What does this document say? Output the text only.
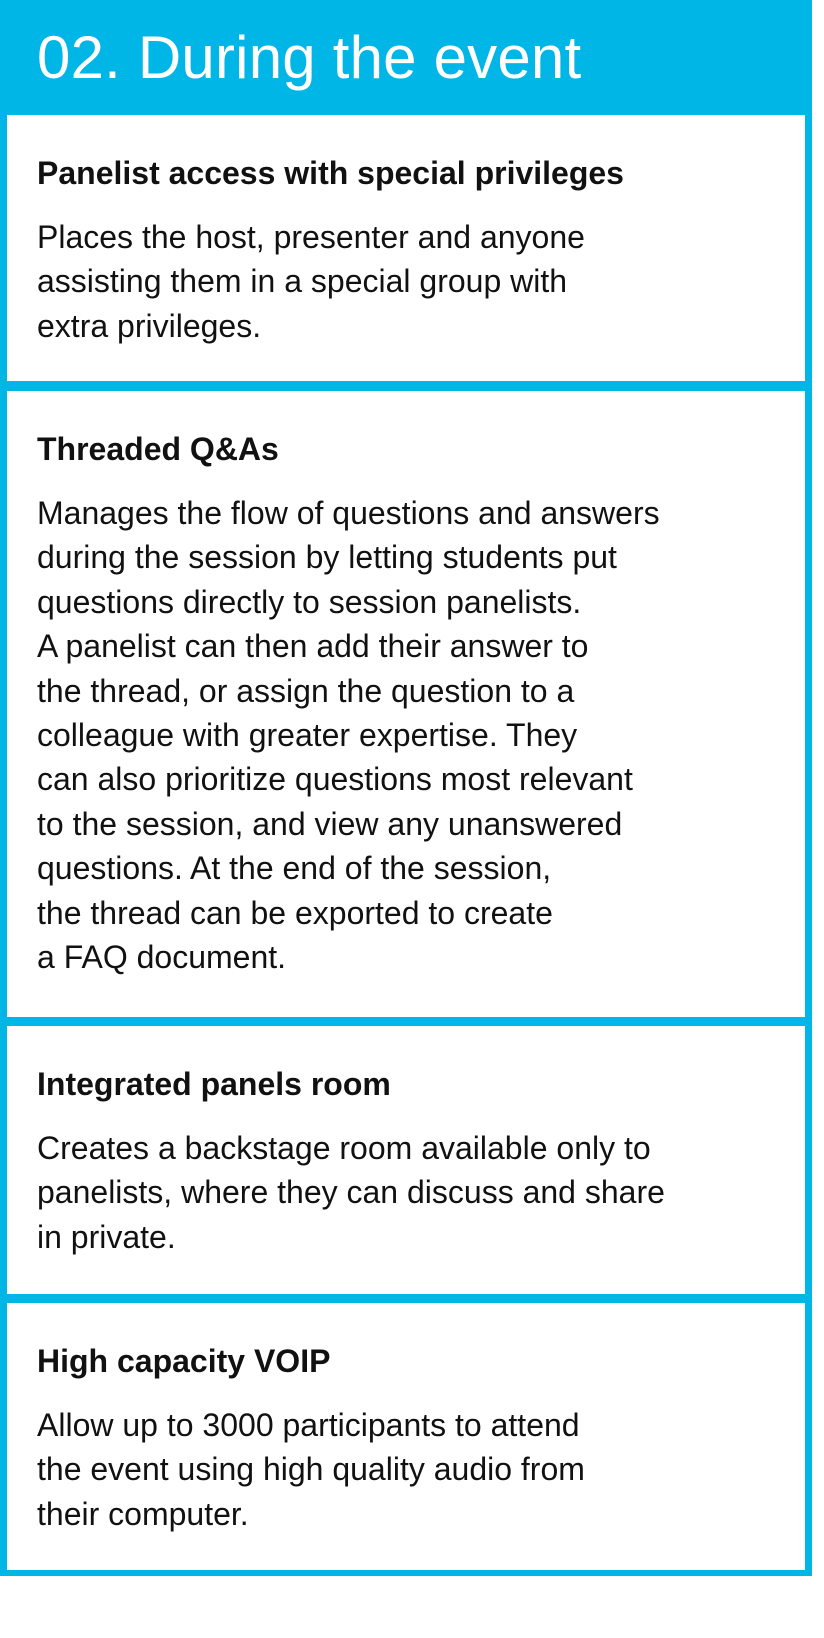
02. During the event
Panelist access with special privileges
Places the host, presenter and anyone
assisting them in a special group with
extra privileges.
Threaded Q&As
Manages the flow of questions and answers
during the session by letting students put
questions directly to session panelists.
A panelist can then add their answer to
the thread, or assign the question to a
colleague with greater expertise. They
can also prioritize questions most relevant
to the session, and view any unanswered
questions. At the end of the session,
the thread can be exported to create
a FAQ document.
Integrated panels room
Creates a backstage room available only to
panelists, where they can discuss and share
in private.
High capacity VOIP
Allow up to 3000 participants to attend
the event using high quality audio from
their computer.
